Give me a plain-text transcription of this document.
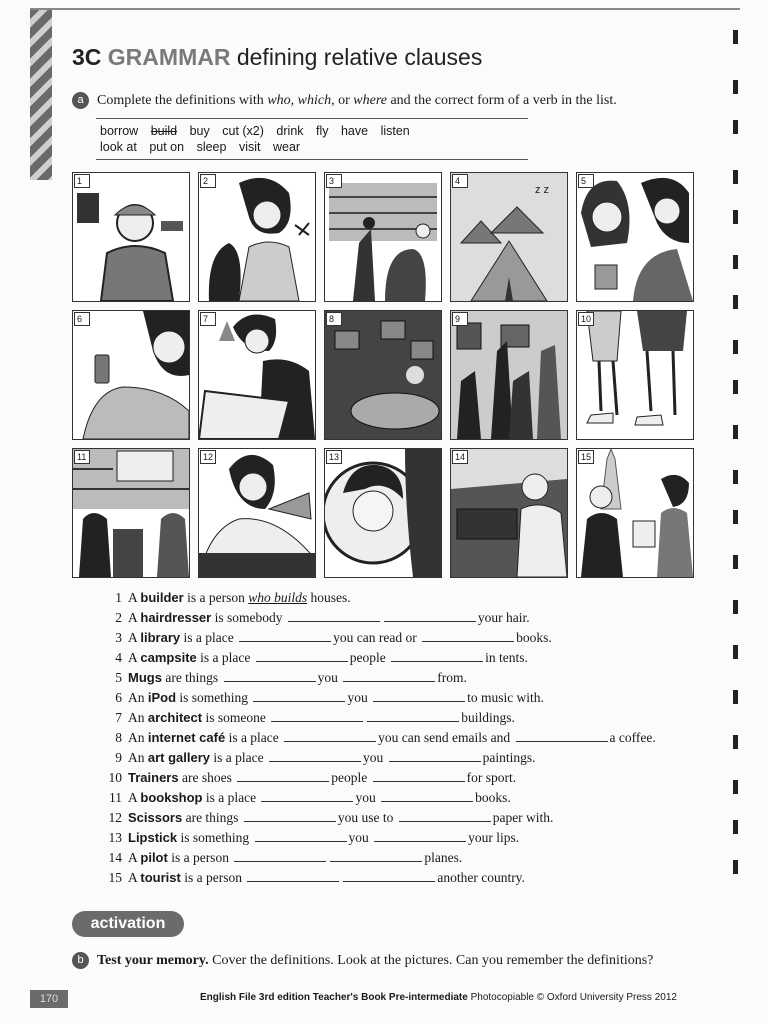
3C GRAMMAR defining relative clauses
a Complete the definitions with who, which, or where and the correct form of a verb in the list.
borrow build buy cut (x2) drink fly have listen
look at put on sleep visit wear
1	2	3
z z
4	5
6	7	8	9	10
11	12	13	14	15
1 A builder is a person who builds houses.
2 A hairdresser is somebody	your hair.
3 A library is a place	you can read or	books.
4 A campsite is a place	people	in tents.
5 Mugs are things	you	from.
6 An iPod is something	you	to music with.
7 An architect is someone	buildings.
8 An internet café is a place	you can send emails and	a coffee.
9 An art gallery is a place	you	paintings.
10 Trainers are shoes	people	for sport.
11 A bookshop is a place	you	books.
12 Scissors are things	you use to	paper with.
13 Lipstick is something	you	your lips.
14 A pilot is a person	planes.
15 A tourist is a person	another country.
activation
b Test your memory. Cover the definitions. Look at the pictures. Can you remember the definitions?
170	English File 3rd edition Teacher's Book Pre-intermediate Photocopiable © Oxford University Press 2012
